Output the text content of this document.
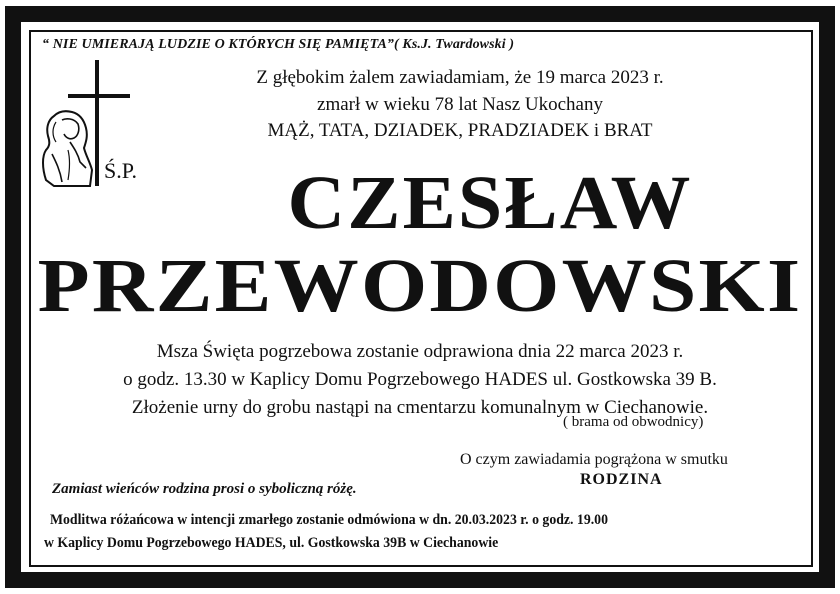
“ NIE UMIERAJĄ LUDZIE O KTÓRYCH SIĘ PAMIĘTA”( Ks.J. Twardowski )
Z głębokim żalem zawiadamiam, że 19 marca 2023 r.
zmarł w wieku 78 lat Nasz Ukochany
MĄŻ, TATA, DZIADEK, PRADZIADEK i BRAT
Ś.P.	CZESŁAW
PRZEWODOWSKI
Msza Święta pogrzebowa zostanie odprawiona dnia 22 marca 2023 r.
o godz. 13.30 w Kaplicy Domu Pogrzebowego HADES ul. Gostkowska 39 B.
Złożenie urny do grobu nastąpi na cmentarzu komunalnym w Ciechanowie.
( brama od obwodnicy)
O czym zawiadamia pogrążona w smutku
RODZINA
Zamiast wieńców rodzina prosi o syboliczną różę.
Modlitwa różańcowa w intencji zmarłego zostanie odmówiona w dn. 20.03.2023 r. o godz. 19.00
w Kaplicy Domu Pogrzebowego HADES, ul. Gostkowska 39B w Ciechanowie
